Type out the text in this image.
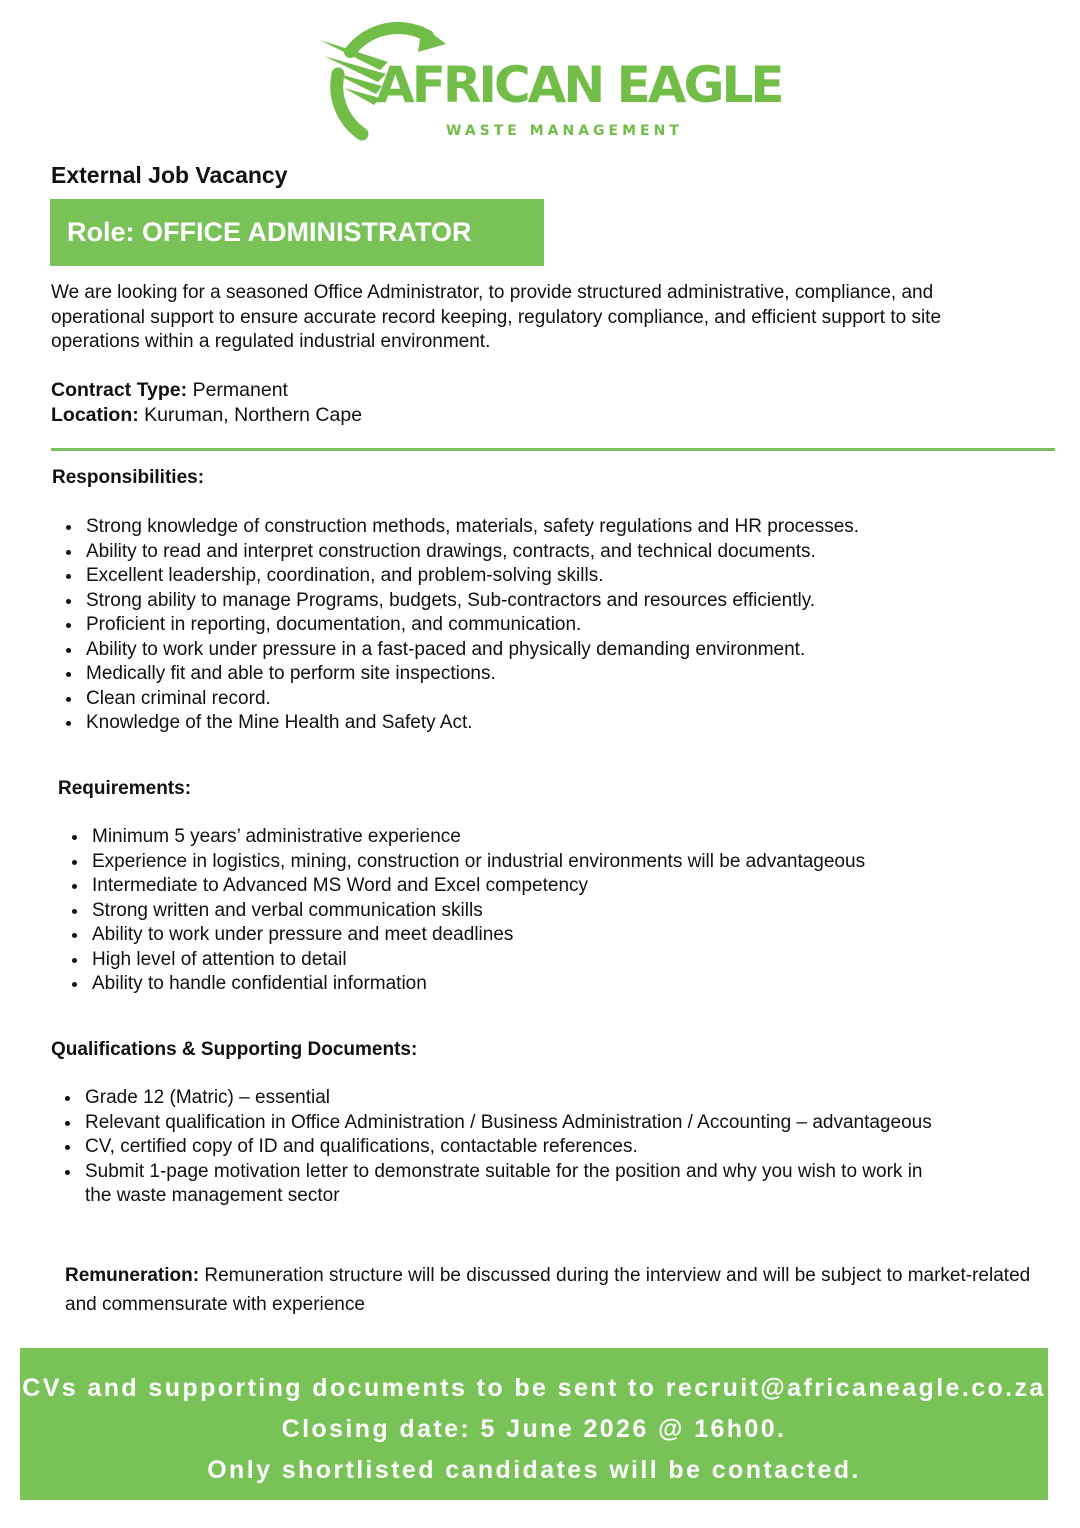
AFRICAN EAGLE
WASTE MANAGEMENT
External Job Vacancy
Role: OFFICE ADMINISTRATOR

We are looking for a seasoned Office Administrator, to provide structured administrative, compliance, and operational support to ensure accurate record keeping, regulatory compliance, and efficient support to site operations within a regulated industrial environment.

Contract Type: Permanent
Location: Kuruman, Northern Cape
Responsibilities:
Strong knowledge of construction methods, materials, safety regulations and HR processes.
Ability to read and interpret construction drawings, contracts, and technical documents.
Excellent leadership, coordination, and problem-solving skills.
Strong ability to manage Programs, budgets, Sub-contractors and resources efficiently.
Proficient in reporting, documentation, and communication.
Ability to work under pressure in a fast-paced and physically demanding environment.
Medically fit and able to perform site inspections.
Clean criminal record.
Knowledge of the Mine Health and Safety Act.
Requirements:
Minimum 5 years’ administrative experience
Experience in logistics, mining, construction or industrial environments will be advantageous
Intermediate to Advanced MS Word and Excel competency
Strong written and verbal communication skills
Ability to work under pressure and meet deadlines
High level of attention to detail
Ability to handle confidential information
Qualifications & Supporting Documents:
Grade 12 (Matric) – essential
Relevant qualification in Office Administration / Business Administration / Accounting – advantageous
CV, certified copy of ID and qualifications, contactable references.
Submit 1-page motivation letter to demonstrate suitable for the position and why you wish to work in the waste management sector

Remuneration: Remuneration structure will be discussed during the interview and will be subject to market-related and commensurate with experience

CVs and supporting documents to be sent to recruit@africaneagle.co.za
Closing date: 5 June 2026 @ 16h00.
Only shortlisted candidates will be contacted.
